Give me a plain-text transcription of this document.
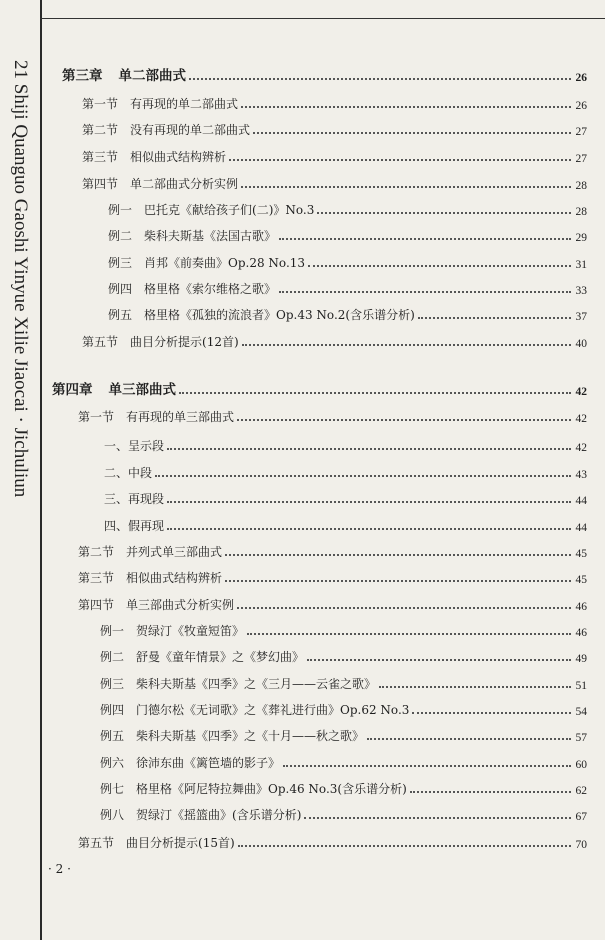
21 Shiji Quanguo Gaoshi Yinyue Xilie Jiaocai · Jichuliun	第三章 单二部曲式	26
第一节 有再现的单二部曲式	26
第二节 没有再现的单二部曲式	27
第三节 相似曲式结构辨析	27
第四节 单二部曲式分析实例	28
例一 巴托克《献给孩子们(二)》No.3	28
例二 柴科夫斯基《法国古歌》	29
例三 肖邦《前奏曲》Op.28 No.13	31
例四 格里格《索尔维格之歌》	33
例五 格里格《孤独的流浪者》Op.43 No.2(含乐谱分析)	37
第五节 曲目分析提示(12首)	40
第四章 单三部曲式	42
第一节 有再现的单三部曲式	42
一、 呈示段	42
二、 中段	43
三、 再现段	44
四、 假再现	44
第二节 并列式单三部曲式	45
第三节 相似曲式结构辨析	45
第四节 单三部曲式分析实例	46
例一 贺绿汀《牧童短笛》	46
例二 舒曼《童年情景》之《梦幻曲》	49
例三 柴科夫斯基《四季》之《三月——云雀之歌》	51
例四 门德尔松《无词歌》之《葬礼进行曲》Op.62 No.3	54
例五 柴科夫斯基《四季》之《十月——秋之歌》	57
例六 徐沛东曲《篱笆墙的影子》	60
例七 格里格《阿尼特拉舞曲》Op.46 No.3(含乐谱分析)	62
例八 贺绿汀《摇篮曲》(含乐谱分析)	67
第五节 曲目分析提示(15首)	70
· 2 ·
